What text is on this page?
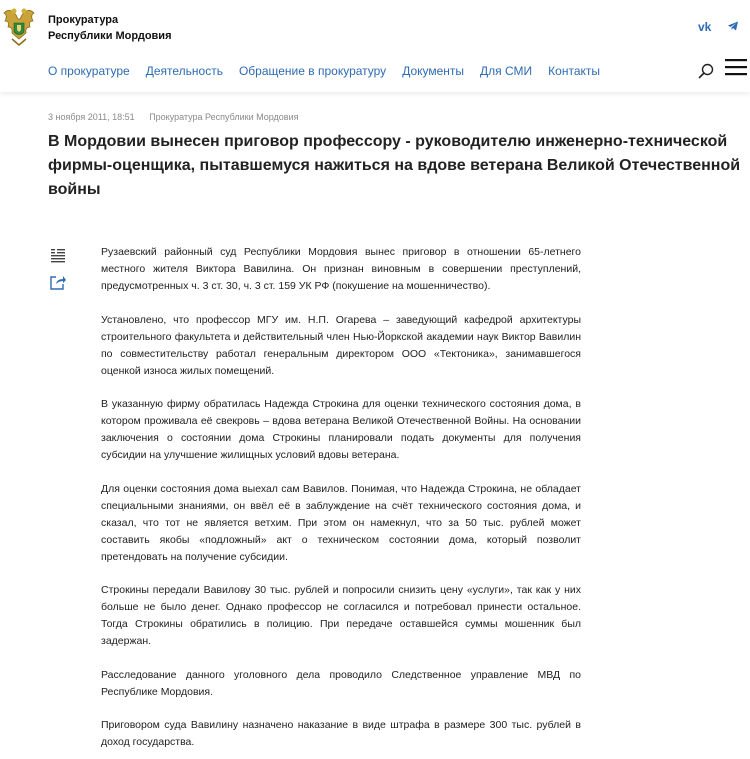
Прокуратура
Республики Мордовия
vk
О прокуратуре Деятельность Обращение в прокуратуру Документы Для СМИ Контакты
3 ноября 2011, 18:51 Прокуратура Республики Мордовия
В Мордовии вынесен приговор профессору - руководителю инженерно-технической фирмы-оценщика, пытавшемуся нажиться на вдове ветерана Великой Отечественной войны

Рузаевский районный суд Республики Мордовия вынес приговор в отношении 65-летнего местного жителя Виктора Вавилина. Он признан виновным в совершении преступлений, предусмотренных ч. 3 ст. 30, ч. 3 ст. 159 УК РФ (покушение на мошенничество).

Установлено, что профессор МГУ им. Н.П. Огарева – заведующий кафедрой архитектуры строительного факультета и действительный член Нью-Йоркской академии наук Виктор Вавилин по совместительству работал генеральным директором ООО «Тектоника», занимавшегося оценкой износа жилых помещений.

В указанную фирму обратилась Надежда Строкина для оценки технического состояния дома, в котором проживала её свекровь – вдова ветерана Великой Отечественной Войны. На основании заключения о состоянии дома Строкины планировали подать документы для получения субсидии на улучшение жилищных условий вдовы ветерана.

Для оценки состояния дома выехал сам Вавилов. Понимая, что Надежда Строкина, не обладает специальными знаниями, он ввёл её в заблуждение на счёт технического состояния дома, и сказал, что тот не является ветхим. При этом он намекнул, что за 50 тыс. рублей может составить якобы «подложный» акт о техническом состоянии дома, который позволит претендовать на получение субсидии.

Строкины передали Вавилову 30 тыс. рублей и попросили снизить цену «услуги», так как у них больше не было денег. Однако профессор не согласился и потребовал принести остальное. Тогда Строкины обратились в полицию. При передаче оставшейся суммы мошенник был задержан.

Расследование данного уголовного дела проводило Следственное управление МВД по Республике Мордовия.

Приговором суда Вавилину назначено наказание в виде штрафа в размере 300 тыс. рублей в доход государства.
